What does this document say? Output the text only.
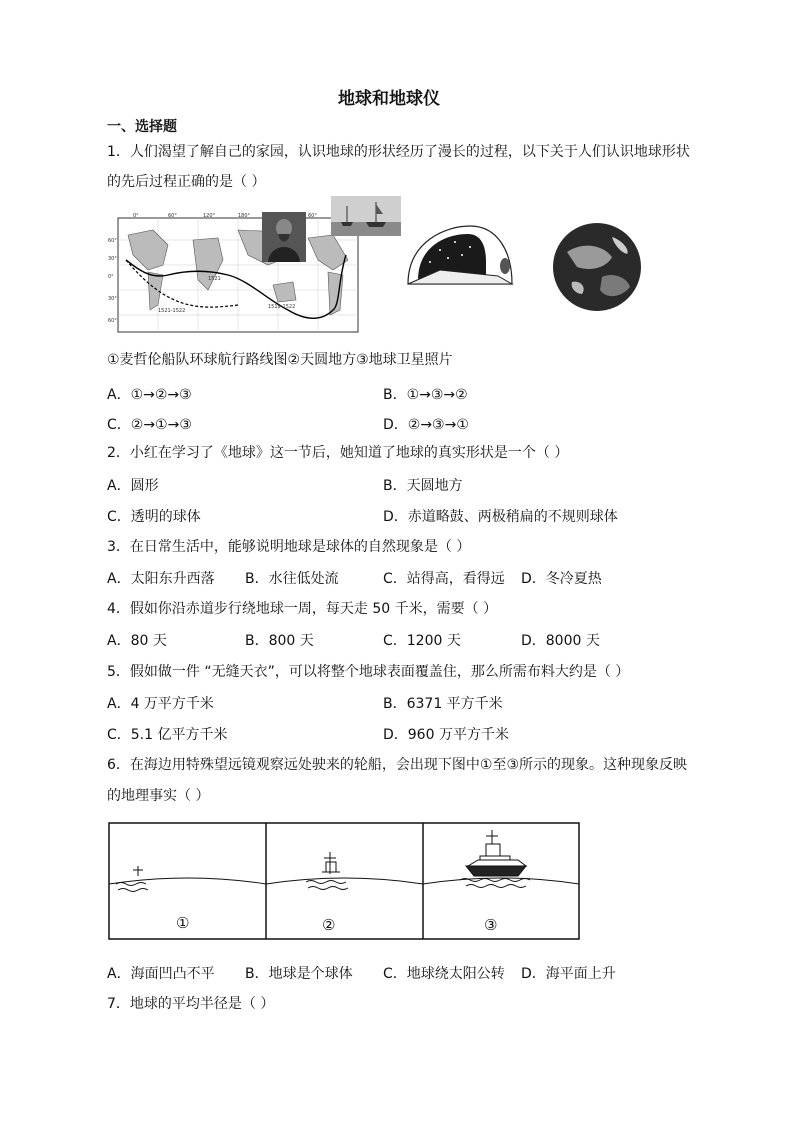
地球和地球仪
一、选择题
1．人们渴望了解自己的家园，认识地球的形状经历了漫长的过程，以下关于人们认识地球形状
的先后过程正确的是（ ）
0°	60°	120°	180°	60°
60°
30°
0°
30°
60°
1521
1519-1522
1521-1522
①麦哲伦船队环球航行路线图②天圆地方③地球卫星照片
A．①→②→③	B．①→③→②
C．②→①→③	D．②→③→①
2．小红在学习了《地球》这一节后，她知道了地球的真实形状是一个（ ）
A．圆形	B．天圆地方
C．透明的球体	D．赤道略鼓、两极稍扁的不规则球体
3．在日常生活中，能够说明地球是球体的自然现象是（ ）
A．太阳东升西落 B．水往低处流	C．站得高，看得远 D．冬冷夏热
4．假如你沿赤道步行绕地球一周，每天走 50 千米，需要（ ）
A．80 天	B．800 天	C．1200 天	D．8000 天
5．假如做一件 “无缝天衣”，可以将整个地球表面覆盖住，那么所需布料大约是（ ）
A．4 万平方千米	B．6371 平方千米
C．5.1 亿平方千米	D．960 万平方千米
6．在海边用特殊望远镜观察远处驶来的轮船，会出现下图中①至③所示的现象。这种现象反映
的地理事实（ ）
①	②	③
A．海面凹凸不平 B．地球是个球体 C．地球绕太阳公转 D．海平面上升
7．地球的平均半径是（ ）
